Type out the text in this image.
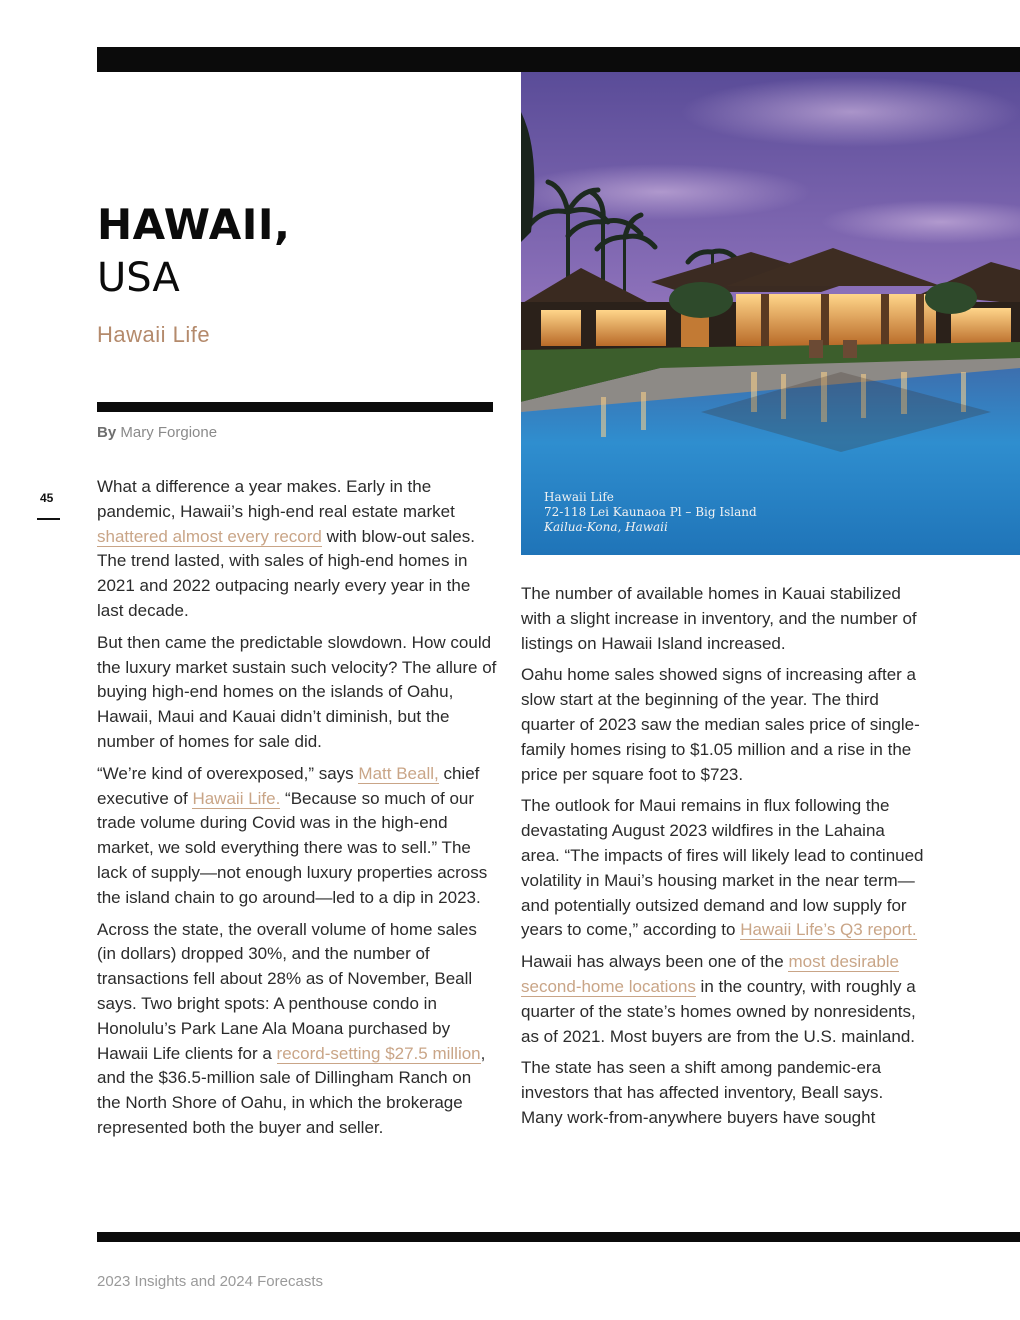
HAWAII,
USA
Hawaii Life
By Mary Forgione
45

What a difference a year makes. Early in the pandemic, Hawaii’s high-end real estate market shattered almost every record with blow-out sales. The trend lasted, with sales of high-end homes in 2021 and 2022 outpacing nearly every year in the last decade.

But then came the predictable slowdown. How could the luxury market sustain such velocity? The allure of buying high-end homes on the islands of Oahu, Hawaii, Maui and Kauai didn’t diminish, but the number of homes for sale did.

“We’re kind of overexposed,” says Matt Beall, chief executive of Hawaii Life. “Because so much of our trade volume during Covid was in the high-end market, we sold everything there was to sell.” The lack of supply—not enough luxury properties across the island chain to go around—led to a dip in 2023.

Across the state, the overall volume of home sales (in dollars) dropped 30%, and the number of transactions fell about 28% as of November, Beall says. Two bright spots: A penthouse condo in Honolulu’s Park Lane Ala Moana purchased by Hawaii Life clients for a record-setting $27.5 million, and the $36.5-million sale of Dillingham Ranch on the North Shore of Oahu, in which the brokerage represented both the buyer and seller.

Hawaii Life
72-118 Lei Kaunaoa Pl – Big Island
Kailua-Kona, Hawaii

The number of available homes in Kauai stabilized with a slight increase in inventory, and the number of listings on Hawaii Island increased.

Oahu home sales showed signs of increasing after a slow start at the beginning of the year. The third quarter of 2023 saw the median sales price of single-family homes rising to $1.05 million and a rise in the price per square foot to $723.

The outlook for Maui remains in flux following the devastating August 2023 wildfires in the Lahaina area. “The impacts of fires will likely lead to continued volatility in Maui’s housing market in the near term—and potentially outsized demand and low supply for years to come,” according to Hawaii Life’s Q3 report.

Hawaii has always been one of the most desirable second-home locations in the country, with roughly a quarter of the state’s homes owned by nonresidents, as of 2021. Most buyers are from the U.S. mainland.

The state has seen a shift among pandemic-era investors that has affected inventory, Beall says. Many work-from-anywhere buyers have sought

2023 Insights and 2024 Forecasts
